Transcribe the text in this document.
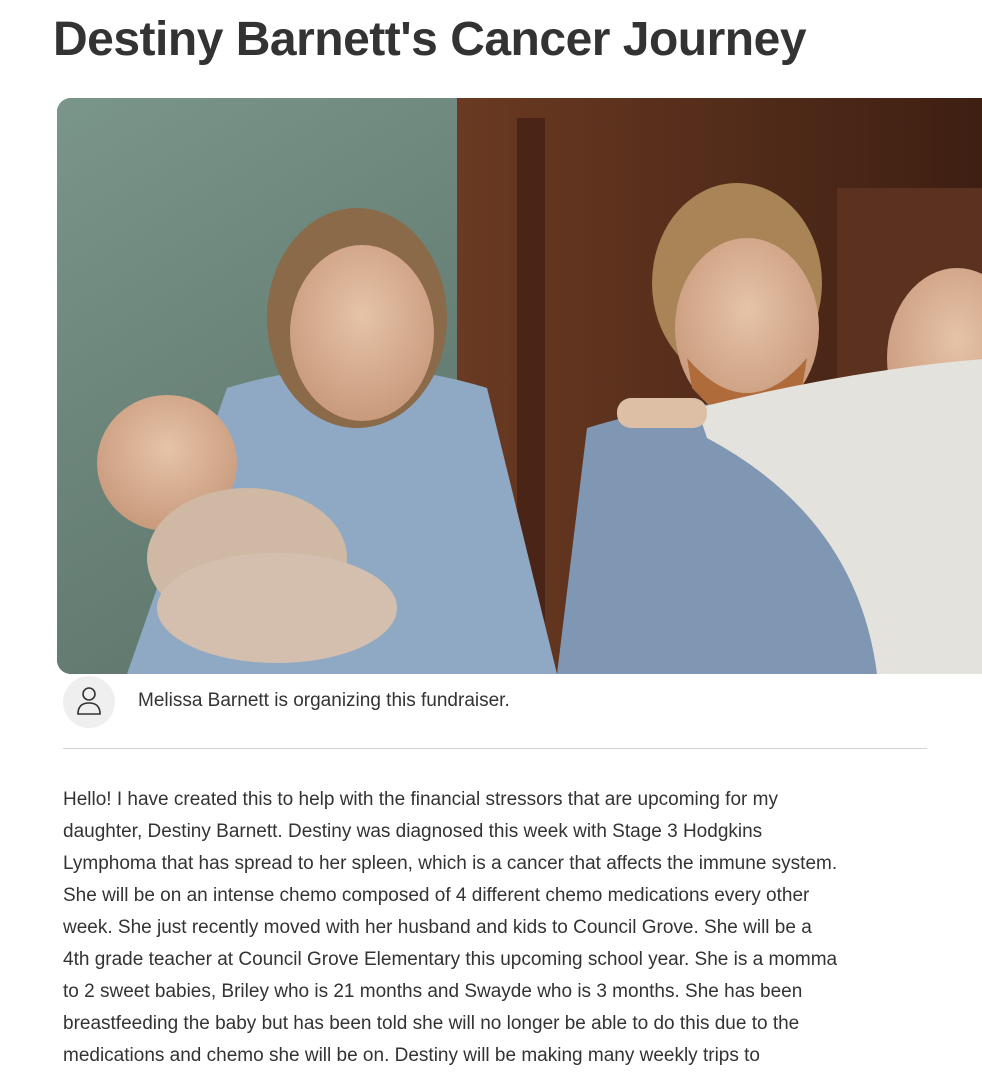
Destiny Barnett's Cancer Journey
Melissa Barnett is organizing this fundraiser.
Hello! I have created this to help with the financial stressors that are upcoming for my
daughter, Destiny Barnett. Destiny was diagnosed this week with Stage 3 Hodgkins
Lymphoma that has spread to her spleen, which is a cancer that affects the immune system.
She will be on an intense chemo composed of 4 different chemo medications every other
week. She just recently moved with her husband and kids to Council Grove. She will be a
4th grade teacher at Council Grove Elementary this upcoming school year. She is a momma
to 2 sweet babies, Briley who is 21 months and Swayde who is 3 months. She has been
breastfeeding the baby but has been told she will no longer be able to do this due to the
medications and chemo she will be on. Destiny will be making many weekly trips to
